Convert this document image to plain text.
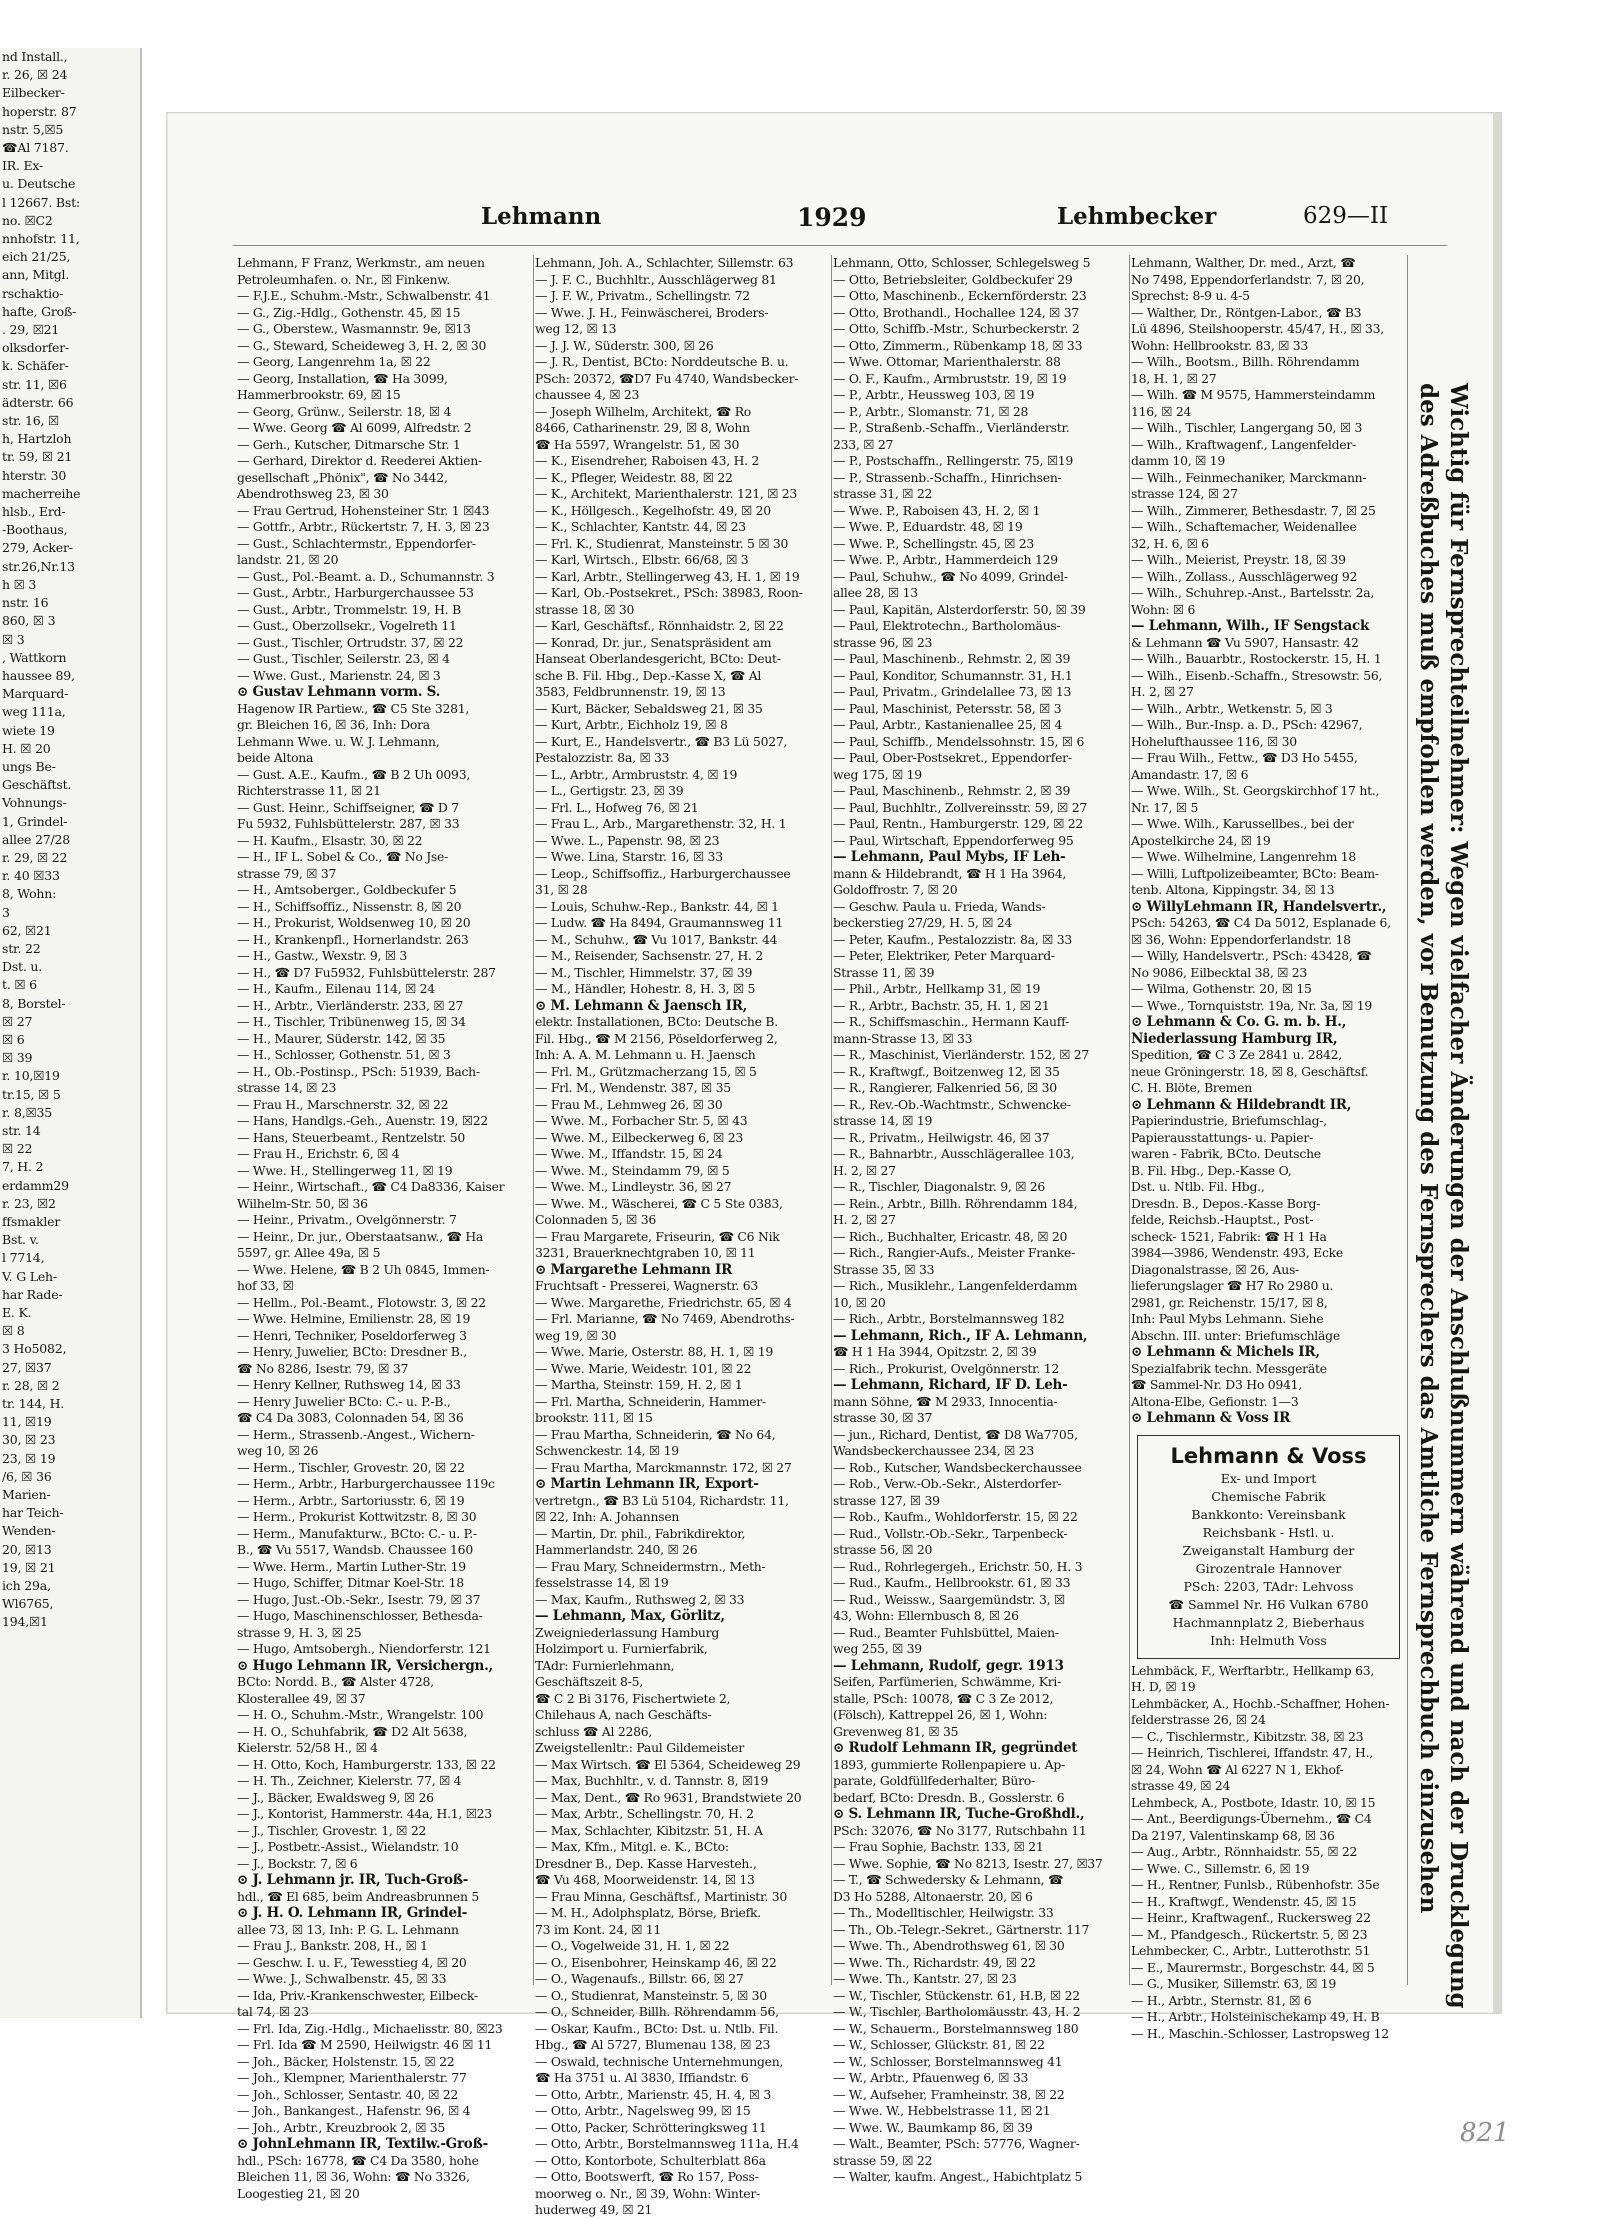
nd Install.,
r. 26, ☒ 24
Eilbecker-
hoperstr. 87
nstr. 5,☒5
☎Al 7187.
IR. Ex-
u. Deutsche
l 12667. Bst:
no. ☒C2
nnhofstr. 11,
eich 21/25,
ann, Mitgl.
rschaktio-
hafte, Groß-
. 29, ☒21
olksdorfer-
k. Schäfer-
str. 11, ☒6
ädterstr. 66
str. 16, ☒
h, Hartzloh
tr. 59, ☒ 21
hterstr. 30
macherreihe
hlsb., Erd-
-Boothaus,
279, Acker-
str.26,Nr.13
h ☒ 3
nstr. 16
860, ☒ 3
☒ 3
, Wattkorn
haussee 89,
Marquard-
weg 111a,
wiete 19
H. ☒ 20
ungs Be-
Geschäftst.
Vohnungs-
1, Grindel-
allee 27/28
r. 29, ☒ 22
r. 40 ☒33
8, Wohn:
3
62, ☒21
str. 22
Dst. u.
t. ☒ 6
8, Borstel-
☒ 27
☒ 6
☒ 39
r. 10,☒19
tr.15, ☒ 5
r. 8,☒35
str. 14
☒ 22
7, H. 2
erdamm29
r. 23, ☒2
ffsmakler
Bst. v.
l 7714,
V. G Leh-
har Rade-
E. K.
☒ 8
3 Ho5082,
27, ☒37
r. 28, ☒ 2
tr. 144, H.
11, ☒19
30, ☒ 23
23, ☒ 19
/6, ☒ 36
Marien-
har Teich-
Wenden-
20, ☒13
19, ☒ 21
ich 29a,
Wl6765,
194,☒1
Lehmann	1929	Lehmbecker	629—II
Lehmann, F Franz, Werkmstr., am neuen
Petroleumhafen. o. Nr., ☒ Finkenw.
— F.J.E., Schuhm.-Mstr., Schwalbenstr. 41
— G., Zig.-Hdlg., Gothenstr. 45, ☒ 15
— G., Oberstew., Wasmannstr. 9e, ☒13
— G., Steward, Scheideweg 3, H. 2, ☒ 30
— Georg, Langenrehm 1a, ☒ 22
— Georg, Installation, ☎ Ha 3099,
Hammerbrookstr. 69, ☒ 15
— Georg, Grünw., Seilerstr. 18, ☒ 4
— Wwe. Georg ☎ Al 6099, Alfredstr. 2
— Gerh., Kutscher, Ditmarsche Str. 1
— Gerhard, Direktor d. Reederei Aktien-
gesellschaft „Phönix", ☎ No 3442,
Abendrothsweg 23, ☒ 30
— Frau Gertrud, Hohensteiner Str. 1 ☒43
— Gottfr., Arbtr., Rückertstr. 7, H. 3, ☒ 23
— Gust., Schlachtermstr., Eppendorfer-
landstr. 21, ☒ 20
— Gust., Pol.-Beamt. a. D., Schumannstr. 3
— Gust., Arbtr., Harburgerchaussee 53
— Gust., Arbtr., Trommelstr. 19, H. B
— Gust., Oberzollsekr., Vogelreth 11
— Gust., Tischler, Ortrudstr. 37, ☒ 22
— Gust., Tischler, Seilerstr. 23, ☒ 4
— Wwe. Gust., Marienstr. 24, ☒ 3
⊙ Gustav Lehmann vorm. S.
Hagenow IR Partiew., ☎ C5 Ste 3281,
gr. Bleichen 16, ☒ 36, Inh: Dora
Lehmann Wwe. u. W. J. Lehmann,
beide Altona
— Gust. A.E., Kaufm., ☎ B 2 Uh 0093,
Richterstrasse 11, ☒ 21
— Gust. Heinr., Schiffseigner, ☎ D 7
Fu 5932, Fuhlsbüttelerstr. 287, ☒ 33
— H. Kaufm., Elsastr. 30, ☒ 22
— H., IF L. Sobel & Co., ☎ No Jse-
strasse 79, ☒ 37
— H., Amtsoberger., Goldbeckufer 5
— H., Schiffsoffiz., Nissenstr. 8, ☒ 20
— H., Prokurist, Woldsenweg 10, ☒ 20
— H., Krankenpfl., Hornerlandstr. 263
— H., Gastw., Wexstr. 9, ☒ 3
— H., ☎ D7 Fu5932, Fuhlsbüttelerstr. 287
— H., Kaufm., Eilenau 114, ☒ 24
— H., Arbtr., Vierländerstr. 233, ☒ 27
— H., Tischler, Tribünenweg 15, ☒ 34
— H., Maurer, Süderstr. 142, ☒ 35
— H., Schlosser, Gothenstr. 51, ☒ 3
— H., Ob.-Postinsp., PSch: 51939, Bach-
strasse 14, ☒ 23
— Frau H., Marschnerstr. 32, ☒ 22
— Hans, Handlgs.-Geh., Auenstr. 19, ☒22
— Hans, Steuerbeamt., Rentzelstr. 50
— Frau H., Erichstr. 6, ☒ 4
— Wwe. H., Stellingerweg 11, ☒ 19
— Heinr., Wirtschaft., ☎ C4 Da8336, Kaiser
Wilhelm-Str. 50, ☒ 36
— Heinr., Privatm., Ovelgönnerstr. 7
— Heinr., Dr. jur., Oberstaatsanw., ☎ Ha
5597, gr. Allee 49a, ☒ 5
— Wwe. Helene, ☎ B 2 Uh 0845, Immen-
hof 33, ☒
— Hellm., Pol.-Beamt., Flotowstr. 3, ☒ 22
— Wwe. Helmine, Emilienstr. 28, ☒ 19
— Henri, Techniker, Poseldorferweg 3
— Henry, Juwelier, BCto: Dresdner B.,
☎ No 8286, Isestr. 79, ☒ 37
— Henry Kellner, Ruthsweg 14, ☒ 33
— Henry Juwelier BCto: C.- u. P.-B.,
☎ C4 Da 3083, Colonnaden 54, ☒ 36
— Herm., Strassenb.-Angest., Wichern-
weg 10, ☒ 26
— Herm., Tischler, Grovestr. 20, ☒ 22
— Herm., Arbtr., Harburgerchaussee 119c
— Herm., Arbtr., Sartoriusstr. 6, ☒ 19
— Herm., Prokurist Kottwitzstr. 8, ☒ 30
— Herm., Manufakturw., BCto: C.- u. P.-
B., ☎ Vu 5517, Wandsb. Chaussee 160
— Wwe. Herm., Martin Luther-Str. 19
— Hugo, Schiffer, Ditmar Koel-Str. 18
— Hugo, Just.-Ob.-Sekr., Isestr. 79, ☒ 37
— Hugo, Maschinenschlosser, Bethesda-
strasse 9, H. 3, ☒ 25
— Hugo, Amtsobergh., Niendorferstr. 121
⊙ Hugo Lehmann IR, Versichergn.,
BCto: Nordd. B., ☎ Alster 4728,
Klosterallee 49, ☒ 37
— H. O., Schuhm.-Mstr., Wrangelstr. 100
— H. O., Schuhfabrik, ☎ D2 Alt 5638,
Kielerstr. 52/58 H., ☒ 4
— H. Otto, Koch, Hamburgerstr. 133, ☒ 22
— H. Th., Zeichner, Kielerstr. 77, ☒ 4
— J., Bäcker, Ewaldsweg 9, ☒ 26
— J., Kontorist, Hammerstr. 44a, H.1, ☒23
— J., Tischler, Grovestr. 1, ☒ 22
— J., Postbetr.-Assist., Wielandstr. 10
— J., Bockstr. 7, ☒ 6
⊙ J. Lehmann jr. IR, Tuch-Groß-
hdl., ☎ El 685, beim Andreasbrunnen 5
⊙ J. H. O. Lehmann IR, Grindel-
allee 73, ☒ 13, Inh: P. G. L. Lehmann
— Frau J., Bankstr. 208, H., ☒ 1
— Geschw. I. u. F., Tewesstieg 4, ☒ 20
— Wwe. J., Schwalbenstr. 45, ☒ 33
— Ida, Priv.-Krankenschwester, Eilbeck-
tal 74, ☒ 23
— Frl. Ida, Zig.-Hdlg., Michaelisstr. 80, ☒23
— Frl. Ida ☎ M 2590, Heilwigstr. 46 ☒ 11
— Joh., Bäcker, Holstenstr. 15, ☒ 22
— Joh., Klempner, Marienthalerstr. 77
— Joh., Schlosser, Sentastr. 40, ☒ 22
— Joh., Bankangest., Hafenstr. 96, ☒ 4
— Joh., Arbtr., Kreuzbrook 2, ☒ 35
⊙ JohnLehmann IR, Textilw.-Groß-
hdl., PSch: 16778, ☎ C4 Da 3580, hohe
Bleichen 11, ☒ 36, Wohn: ☎ No 3326,
Loogestieg 21, ☒ 20
Lehmann, Joh. A., Schlachter, Sillemstr. 63
— J. F. C., Buchhltr., Ausschlägerweg 81
— J. F. W., Privatm., Schellingstr. 72
— Wwe. J. H., Feinwäscherei, Broders-
weg 12, ☒ 13
— J. J. W., Süderstr. 300, ☒ 26
— J. R., Dentist, BCto: Norddeutsche B. u.
PSch: 20372, ☎D7 Fu 4740, Wandsbecker-
chaussee 4, ☒ 23
— Joseph Wilhelm, Architekt, ☎ Ro
8466, Catharinenstr. 29, ☒ 8, Wohn
☎ Ha 5597, Wrangelstr. 51, ☒ 30
— K., Eisendreher, Raboisen 43, H. 2
— K., Pfleger, Weidestr. 88, ☒ 22
— K., Architekt, Marienthalerstr. 121, ☒ 23
— K., Höllgesch., Kegelhofstr. 49, ☒ 20
— K., Schlachter, Kantstr. 44, ☒ 23
— Frl. K., Studienrat, Mansteinstr. 5 ☒ 30
— Karl, Wirtsch., Elbstr. 66/68, ☒ 3
— Karl, Arbtr., Stellingerweg 43, H. 1, ☒ 19
— Karl, Ob.-Postsekret., PSch: 38983, Roon-
strasse 18, ☒ 30
— Karl, Geschäftsf., Rönnhaidstr. 2, ☒ 22
— Konrad, Dr. jur., Senatspräsident am
Hanseat Oberlandesgericht, BCto: Deut-
sche B. Fil. Hbg., Dep.-Kasse X, ☎ Al
3583, Feldbrunnenstr. 19, ☒ 13
— Kurt, Bäcker, Sebaldsweg 21, ☒ 35
— Kurt, Arbtr., Eichholz 19, ☒ 8
— Kurt, E., Handelsvertr., ☎ B3 Lü 5027,
Pestalozzistr. 8a, ☒ 33
— L., Arbtr., Armbruststr. 4, ☒ 19
— L., Gertigstr. 23, ☒ 39
— Frl. L., Hofweg 76, ☒ 21
— Frau L., Arb., Margarethenstr. 32, H. 1
— Wwe. L., Papenstr. 98, ☒ 23
— Wwe. Lina, Starstr. 16, ☒ 33
— Leop., Schiffsoffiz., Harburgerchaussee
31, ☒ 28
— Louis, Schuhw.-Rep., Bankstr. 44, ☒ 1
— Ludw. ☎ Ha 8494, Graumannsweg 11
— M., Schuhw., ☎ Vu 1017, Bankstr. 44
— M., Reisender, Sachsenstr. 27, H. 2
— M., Tischler, Himmelstr. 37, ☒ 39
— M., Händler, Hohestr. 8, H. 3, ☒ 5
⊙ M. Lehmann & Jaensch IR,
elektr. Installationen, BCto: Deutsche B.
Fil. Hbg., ☎ M 2156, Pöseldorferweg 2,
Inh: A. A. M. Lehmann u. H. Jaensch
— Frl. M., Grützmacherzang 15, ☒ 5
— Frl. M., Wendenstr. 387, ☒ 35
— Frau M., Lehmweg 26, ☒ 30
— Wwe. M., Forbacher Str. 5, ☒ 43
— Wwe. M., Eilbeckerweg 6, ☒ 23
— Wwe. M., Iffandstr. 15, ☒ 24
— Wwe. M., Steindamm 79, ☒ 5
— Wwe. M., Lindleystr. 36, ☒ 27
— Wwe. M., Wäscherei, ☎ C 5 Ste 0383,
Colonnaden 5, ☒ 36
— Frau Margarete, Friseurin, ☎ C6 Nik
3231, Brauerknechtgraben 10, ☒ 11
⊙ Margarethe Lehmann IR
Fruchtsaft - Presserei, Wagnerstr. 63
— Wwe. Margarethe, Friedrichstr. 65, ☒ 4
— Frl. Marianne, ☎ No 7469, Abendroths-
weg 19, ☒ 30
— Wwe. Marie, Osterstr. 88, H. 1, ☒ 19
— Wwe. Marie, Weidestr. 101, ☒ 22
— Martha, Steinstr. 159, H. 2, ☒ 1
— Frl. Martha, Schneiderin, Hammer-
brookstr. 111, ☒ 15
— Frau Martha, Schneiderin, ☎ No 64,
Schwenckestr. 14, ☒ 19
— Frau Martha, Marckmannstr. 172, ☒ 27
⊙ Martin Lehmann IR, Export-
vertretgn., ☎ B3 Lü 5104, Richardstr. 11,
☒ 22, Inh: A. Johannsen
— Martin, Dr. phil., Fabrikdirektor,
Hammerlandstr. 240, ☒ 26
— Frau Mary, Schneidermstrn., Meth-
fesselstrasse 14, ☒ 19
— Max, Kaufm., Ruthsweg 2, ☒ 33
— Lehmann, Max, Görlitz,
Zweigniederlassung Hamburg
Holzimport u. Furnierfabrik,
TAdr: Furnierlehmann,
Geschäftszeit 8-5,
☎ C 2 Bi 3176, Fischertwiete 2,
Chilehaus A, nach Geschäfts-
schluss ☎ Al 2286,
Zweigstellenltr.: Paul Gildemeister
— Max Wirtsch. ☎ El 5364, Scheideweg 29
— Max, Buchhltr., v. d. Tannstr. 8, ☒19
— Max, Dent., ☎ Ro 9631, Brandstwiete 20
— Max, Arbtr., Schellingstr. 70, H. 2
— Max, Schlachter, Kibitzstr. 51, H. A
— Max, Kfm., Mitgl. e. K., BCto:
Dresdner B., Dep. Kasse Harvesteh.,
☎ Vu 468, Moorweidenstr. 14, ☒ 13
— Frau Minna, Geschäftsf., Martinistr. 30
— M. H., Adolphsplatz, Börse, Briefk.
73 im Kont. 24, ☒ 11
— O., Vogelweide 31, H. 1, ☒ 22
— O., Eisenbohrer, Heinskamp 46, ☒ 22
— O., Wagenaufs., Billstr. 66, ☒ 27
— O., Studienrat, Mansteinstr. 5, ☒ 30
— O., Schneider, Billh. Röhrendamm 56,
— Oskar, Kaufm., BCto: Dst. u. Ntlb. Fil.
Hbg., ☎ Al 5727, Blumenau 138, ☒ 23
— Oswald, technische Unternehmungen,
☎ Ha 3751 u. Al 3830, Iffiandstr. 6
— Otto, Arbtr., Marienstr. 45, H. 4, ☒ 3
— Otto, Arbtr., Nagelsweg 99, ☒ 15
— Otto, Packer, Schrötteringksweg 11
— Otto, Arbtr., Borstelmannsweg 111a, H.4
— Otto, Kontorbote, Schulterblatt 86a
— Otto, Bootswerft, ☎ Ro 157, Poss-
moorweg o. Nr., ☒ 39, Wohn: Winter-
huderweg 49, ☒ 21
Lehmann, Otto, Schlosser, Schlegelsweg 5
— Otto, Betriebsleiter, Goldbeckufer 29
— Otto, Maschinenb., Eckernförderstr. 23
— Otto, Brothandl., Hochallee 124, ☒ 37
— Otto, Schiffb.-Mstr., Schurbeckerstr. 2
— Otto, Zimmerm., Rübenkamp 18, ☒ 33
— Wwe. Ottomar, Marienthalerstr. 88
— O. F., Kaufm., Armbruststr. 19, ☒ 19
— P., Arbtr., Heussweg 103, ☒ 19
— P., Arbtr., Slomanstr. 71, ☒ 28
— P., Straßenb.-Schaffn., Vierländerstr.
233, ☒ 27
— P., Postschaffn., Rellingerstr. 75, ☒19
— P., Strassenb.-Schaffn., Hinrichsen-
strasse 31, ☒ 22
— Wwe. P., Raboisen 43, H. 2, ☒ 1
— Wwe. P., Eduardstr. 48, ☒ 19
— Wwe. P., Schellingstr. 45, ☒ 23
— Wwe. P., Arbtr., Hammerdeich 129
— Paul, Schuhw., ☎ No 4099, Grindel-
allee 28, ☒ 13
— Paul, Kapitän, Alsterdorferstr. 50, ☒ 39
— Paul, Elektrotechn., Bartholomäus-
strasse 96, ☒ 23
— Paul, Maschinenb., Rehmstr. 2, ☒ 39
— Paul, Konditor, Schumannstr. 31, H.1
— Paul, Privatm., Grindelallee 73, ☒ 13
— Paul, Maschinist, Petersstr. 58, ☒ 3
— Paul, Arbtr., Kastanienallee 25, ☒ 4
— Paul, Schiffb., Mendelssohnstr. 15, ☒ 6
— Paul, Ober-Postsekret., Eppendorfer-
weg 175, ☒ 19
— Paul, Maschinenb., Rehmstr. 2, ☒ 39
— Paul, Buchhltr., Zollvereinsstr. 59, ☒ 27
— Paul, Rentn., Hamburgerstr. 129, ☒ 22
— Paul, Wirtschaft, Eppendorferweg 95
— Lehmann, Paul Mybs, IF Leh-
mann & Hildebrandt, ☎ H 1 Ha 3964,
Goldoffrostr. 7, ☒ 20
— Geschw. Paula u. Frieda, Wands-
beckerstieg 27/29, H. 5, ☒ 24
— Peter, Kaufm., Pestalozzistr. 8a, ☒ 33
— Peter, Elektriker, Peter Marquard-
Strasse 11, ☒ 39
— Phil., Arbtr., Hellkamp 31, ☒ 19
— R., Arbtr., Bachstr. 35, H. 1, ☒ 21
— R., Schiffsmaschin., Hermann Kauff-
mann-Strasse 13, ☒ 33
— R., Maschinist, Vierländerstr. 152, ☒ 27
— R., Kraftwgf., Boitzenweg 12, ☒ 35
— R., Rangierer, Falkenried 56, ☒ 30
— R., Rev.-Ob.-Wachtmstr., Schwencke-
strasse 14, ☒ 19
— R., Privatm., Heilwigstr. 46, ☒ 37
— R., Bahnarbtr., Ausschlägerallee 103,
H. 2, ☒ 27
— R., Tischler, Diagonalstr. 9, ☒ 26
— Rein., Arbtr., Billh. Röhrendamm 184,
H. 2, ☒ 27
— Rich., Buchhalter, Ericastr. 48, ☒ 20
— Rich., Rangier-Aufs., Meister Franke-
Strasse 35, ☒ 33
— Rich., Musiklehr., Langenfelderdamm
10, ☒ 20
— Rich., Arbtr., Borstelmannsweg 182
— Lehmann, Rich., IF A. Lehmann,
☎ H 1 Ha 3944, Opitzstr. 2, ☒ 39
— Rich., Prokurist, Ovelgönnerstr. 12
— Lehmann, Richard, IF D. Leh-
mann Söhne, ☎ M 2933, Innocentia-
strasse 30, ☒ 37
— jun., Richard, Dentist, ☎ D8 Wa7705,
Wandsbeckerchaussee 234, ☒ 23
— Rob., Kutscher, Wandsbeckerchaussee
— Rob., Verw.-Ob.-Sekr., Alsterdorfer-
strasse 127, ☒ 39
— Rob., Kaufm., Wohldorferstr. 15, ☒ 22
— Rud., Vollstr.-Ob.-Sekr., Tarpenbeck-
strasse 56, ☒ 20
— Rud., Rohrlegergeh., Erichstr. 50, H. 3
— Rud., Kaufm., Hellbrookstr. 61, ☒ 33
— Rud., Weissw., Saargemündstr. 3, ☒
43, Wohn: Ellernbusch 8, ☒ 26
— Rud., Beamter Fuhlsbüttel, Maien-
weg 255, ☒ 39
— Lehmann, Rudolf, gegr. 1913
Seifen, Parfümerien, Schwämme, Kri-
stalle, PSch: 10078, ☎ C 3 Ze 2012,
(Fölsch), Kattreppel 26, ☒ 1, Wohn:
Grevenweg 81, ☒ 35
⊙ Rudolf Lehmann IR, gegründet
1893, gummierte Rollenpapiere u. Ap-
parate, Goldfüllfederhalter, Büro-
bedarf, BCto: Dresdn. B., Gosslerstr. 6
⊙ S. Lehmann IR, Tuche-Großhdl.,
PSch: 32076, ☎ No 3177, Rutschbahn 11
— Frau Sophie, Bachstr. 133, ☒ 21
— Wwe. Sophie, ☎ No 8213, Isestr. 27, ☒37
— T., ☎ Schwedersky & Lehmann, ☎
D3 Ho 5288, Altonaerstr. 20, ☒ 6
— Th., Modelltischler, Heilwigstr. 33
— Th., Ob.-Telegr.-Sekret., Gärtnerstr. 117
— Wwe. Th., Abendrothsweg 61, ☒ 30
— Wwe. Th., Richardstr. 49, ☒ 22
— Wwe. Th., Kantstr. 27, ☒ 23
— W., Tischler, Stückenstr. 61, H.B, ☒ 22
— W., Tischler, Bartholomäusstr. 43, H. 2
— W., Schauerm., Borstelmannsweg 180
— W., Schlosser, Glückstr. 81, ☒ 22
— W., Schlosser, Borstelmannsweg 41
— W., Arbtr., Pfauenweg 6, ☒ 33
— W., Aufseher, Framheinstr. 38, ☒ 22
— Wwe. W., Hebbelstrasse 11, ☒ 21
— Wwe. W., Baumkamp 86, ☒ 39
— Walt., Beamter, PSch: 57776, Wagner-
strasse 59, ☒ 22
— Walter, kaufm. Angest., Habichtplatz 5
Lehmann, Walther, Dr. med., Arzt, ☎
No 7498, Eppendorferlandstr. 7, ☒ 20,
Sprechst: 8-9 u. 4-5
— Walther, Dr., Röntgen-Labor., ☎ B3
Lü 4896, Steilshooperstr. 45/47, H., ☒ 33,
Wohn: Hellbrookstr. 83, ☒ 33
— Wilh., Bootsm., Billh. Röhrendamm
18, H. 1, ☒ 27
— Wilh. ☎ M 9575, Hammersteindamm
116, ☒ 24
— Wilh., Tischler, Langergang 50, ☒ 3
— Wilh., Kraftwagenf., Langenfelder-
damm 10, ☒ 19
— Wilh., Feinmechaniker, Marckmann-
strasse 124, ☒ 27
— Wilh., Zimmerer, Bethesdastr. 7, ☒ 25
— Wilh., Schaftemacher, Weidenallee
32, H. 6, ☒ 6
— Wilh., Meierist, Preystr. 18, ☒ 39
— Wilh., Zollass., Ausschlägerweg 92
— Wilh., Schuhrep.-Anst., Bartelsstr. 2a,
Wohn: ☒ 6
— Lehmann, Wilh., IF Sengstack
& Lehmann ☎ Vu 5907, Hansastr. 42
— Wilh., Bauarbtr., Rostockerstr. 15, H. 1
— Wilh., Eisenb.-Schaffn., Stresowstr. 56,
H. 2, ☒ 27
— Wilh., Arbtr., Wetkenstr. 5, ☒ 3
— Wilh., Bur.-Insp. a. D., PSch: 42967,
Hohelufthaussee 116, ☒ 30
— Frau Wilh., Fettw., ☎ D3 Ho 5455,
Amandastr. 17, ☒ 6
— Wwe. Wilh., St. Georgskirchhof 17 ht.,
Nr. 17, ☒ 5
— Wwe. Wilh., Karussellbes., bei der
Apostelkirche 24, ☒ 19
— Wwe. Wilhelmine, Langenrehm 18
— Willi, Luftpolizeibeamter, BCto: Beam-
tenb. Altona, Kippingstr. 34, ☒ 13
⊙ WillyLehmann IR, Handelsvertr.,
PSch: 54263, ☎ C4 Da 5012, Esplanade 6,
☒ 36, Wohn: Eppendorferlandstr. 18
— Willy, Handelsvertr., PSch: 43428, ☎
No 9086, Eilbecktal 38, ☒ 23
— Wilma, Gothenstr. 20, ☒ 15
— Wwe., Tornquiststr. 19a, Nr. 3a, ☒ 19
⊙ Lehmann & Co. G. m. b. H.,
Niederlassung Hamburg IR,
Spedition, ☎ C 3 Ze 2841 u. 2842,
neue Gröningerstr. 18, ☒ 8, Geschäftsf.
C. H. Blöte, Bremen
⊙ Lehmann & Hildebrandt IR,
Papierindustrie, Briefumschlag-,
Papierausstattungs- u. Papier-
waren - Fabrik, BCto. Deutsche
B. Fil. Hbg., Dep.-Kasse O,
Dst. u. Ntlb. Fil. Hbg.,
Dresdn. B., Depos.-Kasse Borg-
felde, Reichsb.-Hauptst., Post-
scheck- 1521, Fabrik: ☎ H 1 Ha
3984—3986, Wendenstr. 493, Ecke
Diagonalstrasse, ☒ 26, Aus-
lieferungslager ☎ H7 Ro 2980 u.
2981, gr. Reichenstr. 15/17, ☒ 8,
Inh: Paul Mybs Lehmann. Siehe
Abschn. III. unter: Briefumschläge
⊙ Lehmann & Michels IR,
Spezialfabrik techn. Messgeräte
☎ Sammel-Nr. D3 Ho 0941,
Altona-Elbe, Gefionstr. 1—3
⊙ Lehmann & Voss IR
Lehmann & Voss
Ex- und Import
Chemische Fabrik
Bankkonto: Vereinsbank
Reichsbank - Hstl. u.
Zweiganstalt Hamburg der
Girozentrale Hannover
PSch: 2203, TAdr: Lehvoss
☎ Sammel Nr. H6 Vulkan 6780
Hachmannplatz 2, Bieberhaus
Inh: Helmuth Voss
Lehmbäck, F., Werftarbtr., Hellkamp 63,
H. D, ☒ 19
Lehmbäcker, A., Hochb.-Schaffner, Hohen-
felderstrasse 26, ☒ 24
— C., Tischlermstr., Kibitzstr. 38, ☒ 23
— Heinrich, Tischlerei, Iffandstr. 47, H.,
☒ 24, Wohn ☎ Al 6227 N 1, Ekhof-
strasse 49, ☒ 24
Lehmbeck, A., Postbote, Idastr. 10, ☒ 15
— Ant., Beerdigungs-Übernehm., ☎ C4
Da 2197, Valentinskamp 68, ☒ 36
— Aug., Arbtr., Rönnhaidstr. 55, ☒ 22
— Wwe. C., Sillemstr. 6, ☒ 19
— H., Rentner, Funlsb., Rübenhofstr. 35e
— H., Kraftwgf., Wendenstr. 45, ☒ 15
— Heinr., Kraftwagenf., Ruckersweg 22
— M., Pfandgesch., Rückertstr. 5, ☒ 23
Lehmbecker, C., Arbtr., Lutterothstr. 51
— E., Maurermstr., Borgeschstr. 44, ☒ 5
— G., Musiker, Sillemstr. 63, ☒ 19
— H., Arbtr., Sternstr. 81, ☒ 6
— H., Arbtr., Holsteinischekamp 49, H. B
— H., Maschin.-Schlosser, Lastropsweg 12
Wichtig für Fernsprechteilnehmer: Wegen vielfacher Änderungen der Anschlußnummern während und nach der Drucklegung
des Adreßbuches muß empfohlen werden, vor Benutzung des Fernsprechers das Amtliche Fernsprechbuch einzusehen
821
